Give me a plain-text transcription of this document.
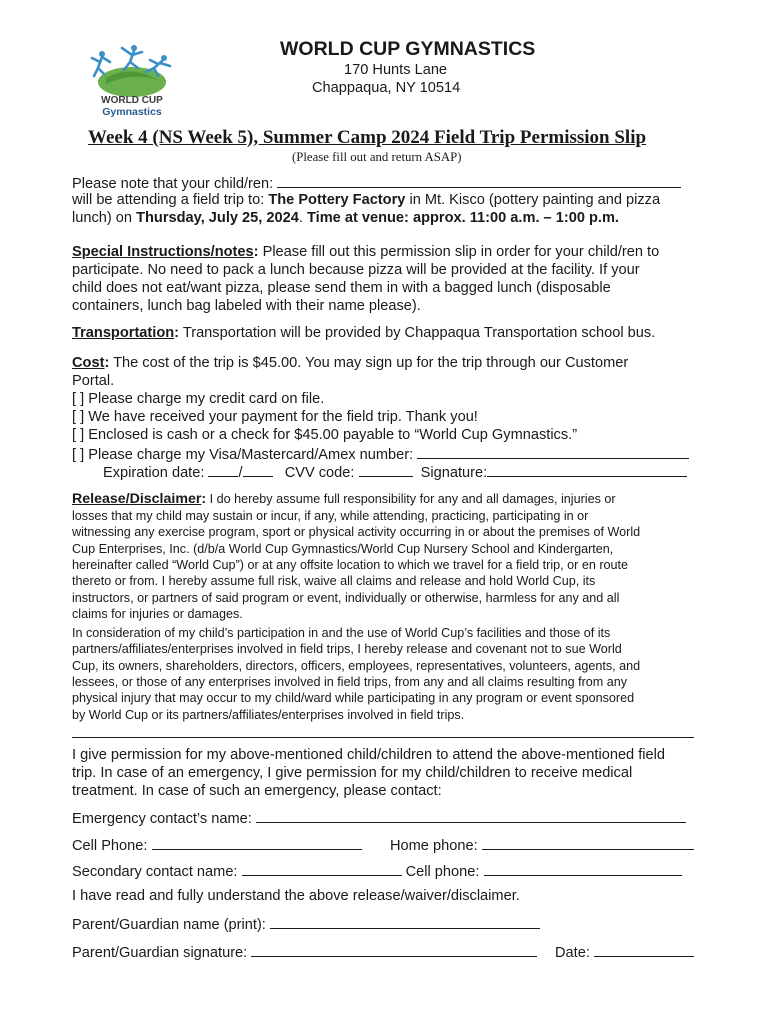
WORLD CUP
Gymnastics
WORLD CUP GYMNASTICS
170 Hunts Lane
Chappaqua, NY 10514
Week 4 (NS Week 5), Summer Camp 2024 Field Trip Permission Slip
(Please fill out and return ASAP)
Please note that your child/ren:
will be attending a field trip to: The Pottery Factory in Mt. Kisco (pottery painting and pizza
lunch) on Thursday, July 25, 2024. Time at venue: approx. 11:00 a.m. – 1:00 p.m.
Special Instructions/notes: Please fill out this permission slip in order for your child/ren to
participate. No need to pack a lunch because pizza will be provided at the facility. If your
child does not eat/want pizza, please send them in with a bagged lunch (disposable
containers, lunch bag labeled with their name please).
Transportation: Transportation will be provided by Chappaqua Transportation school bus.
Cost: The cost of the trip is $45.00. You may sign up for the trip through our Customer
Portal.
[ ] Please charge my credit card on file.
[ ] We have received your payment for the field trip. Thank you!
[ ] Enclosed is cash or a check for $45.00 payable to “World Cup Gymnastics.”
[ ] Please charge my Visa/Mastercard/Amex number:
Expiration date: /	CVV code:	Signature:
Release/Disclaimer: I do hereby assume full responsibility for any and all damages, injuries or
losses that my child may sustain or incur, if any, while attending, practicing, participating in or
witnessing any exercise program, sport or physical activity occurring in or about the premises of World
Cup Enterprises, Inc. (d/b/a World Cup Gymnastics/World Cup Nursery School and Kindergarten,
hereinafter called “World Cup”) or at any offsite location to which we travel for a field trip, or en route
thereto or from. I hereby assume full risk, waive all claims and release and hold World Cup, its
instructors, or partners of said program or event, individually or otherwise, harmless for any and all
claims for injuries or damages.
In consideration of my child’s participation in and the use of World Cup’s facilities and those of its
partners/affiliates/enterprises involved in field trips, I hereby release and covenant not to sue World
Cup, its owners, shareholders, directors, officers, employees, representatives, volunteers, agents, and
lessees, or those of any enterprises involved in field trips, from any and all claims resulting from any
physical injury that may occur to my child/ward while participating in any program or event sponsored
by World Cup or its partners/affiliates/enterprises involved in field trips.
I give permission for my above-mentioned child/children to attend the above-mentioned field
trip. In case of an emergency, I give permission for my child/children to receive medical
treatment. In case of such an emergency, please contact:
Emergency contact’s name:
Cell Phone:	Home phone:
Secondary contact name:	Cell phone:
I have read and fully understand the above release/waiver/disclaimer.
Parent/Guardian name (print):
Parent/Guardian signature:	Date:
